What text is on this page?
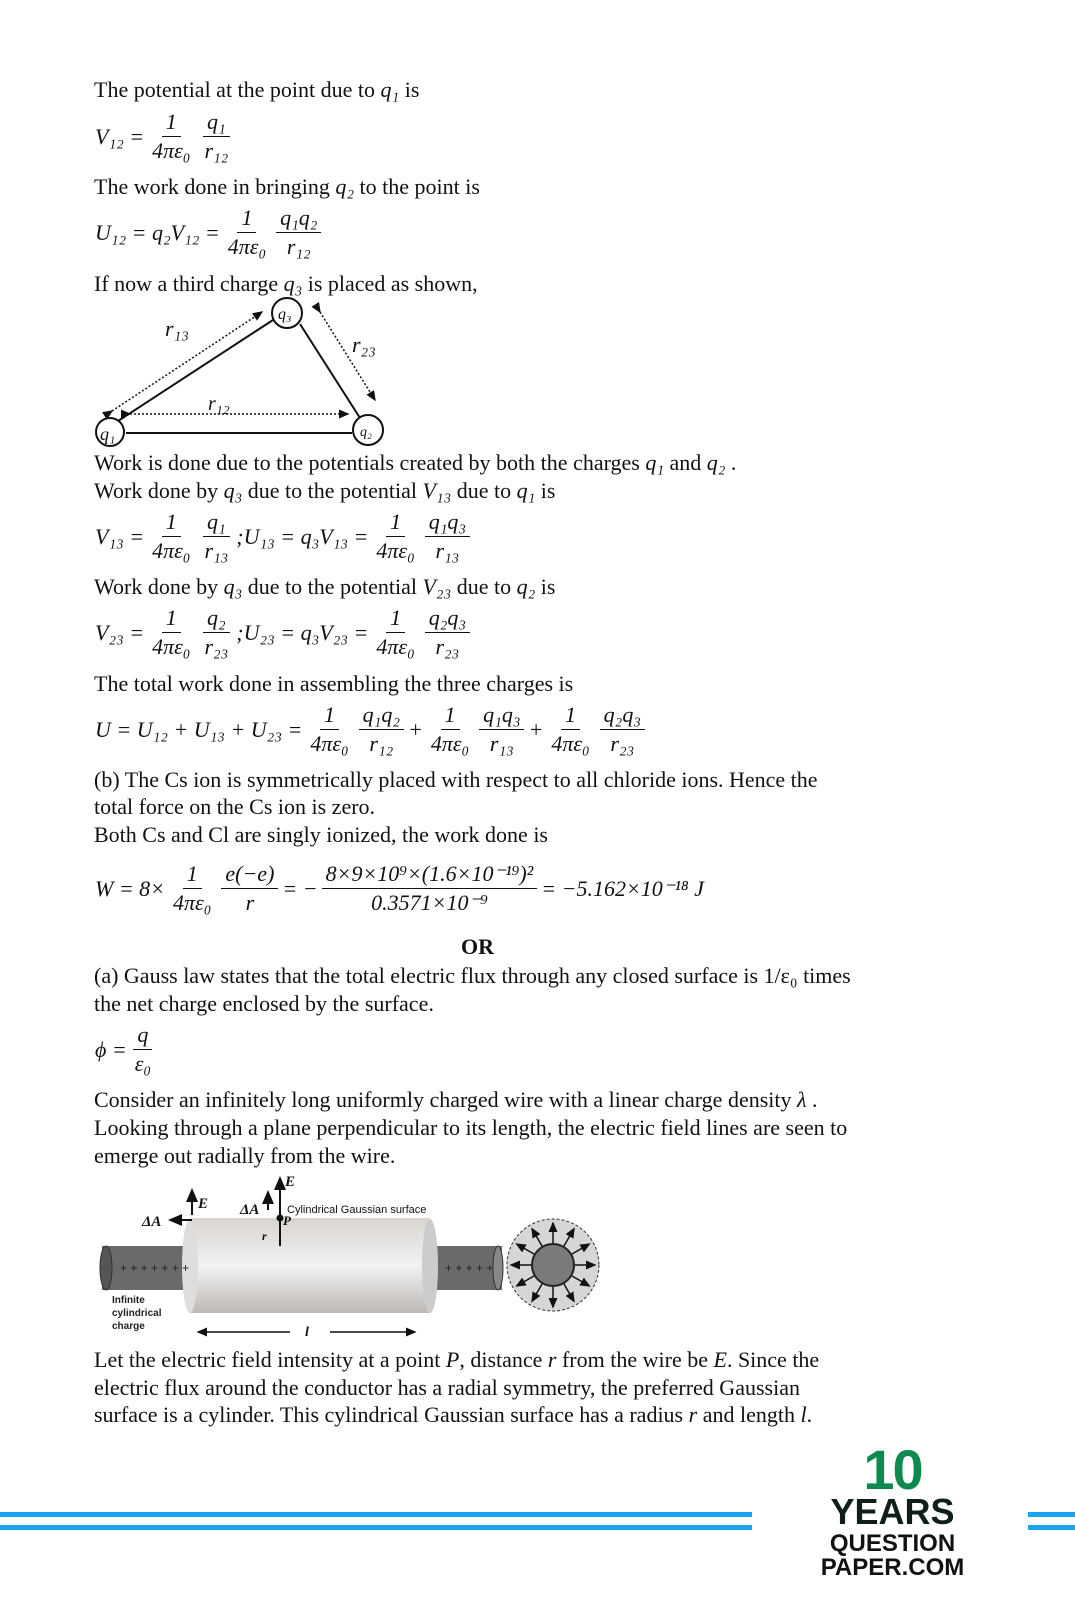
The potential at the point due to q₁ is
$V_{12} = \frac{1}{\text{4πε₀}} \frac{\text{q₁}}{\text{r₁₂}}$
The work done in bringing q₂ to the point is
$U_{12} = q_2V_{12} = \frac{1}{\text{4πε₀}} \frac{\text{q₁q₂}}{\text{r₁₂}}$
If now a third charge q₃ is placed as shown,
q₁	q₂
q₃
r₁₃
r₂₃
r₁₂
Work is done due to the potentials created by both the charges q₁ and q₂ .
Work done by q₃ due to the potential V₁₃ due to q₁ is
$V_{13} = \frac{1}{\text{4πε₀}} \frac{\text{q₁}}{\text{r₁₃}}$ ;U₁₃ = $q_3V_{13} = \frac{1}{\text{4πε₀}} \frac{\text{q₁q₃}}{\text{r₁₃}}$
Work done by q₃ due to the potential V₂₃ due to q₂ is
$V_{23} = \frac{1}{\text{4πε₀}} \frac{\text{q₂}}{\text{r₂₃}}$ ;U₂₃ = $q_3V_{23} = \frac{1}{\text{4πε₀}} \frac{\text{q₂q₃}}{\text{r₂₃}}$
The total work done in assembling the three charges is
$U = U_{12} + U_{13} + U_{23} = \frac{1}{\text{4πε₀}} \frac{\text{q₁q₂}}{\text{r₁₂}} + \frac{1}{\text{4πε₀}} \frac{\text{q₁q₃}}{\text{r₁₃}} + \frac{1}{\text{4πε₀}} \frac{\text{q₂q₃}}{\text{r₂₃}}$
(b) The Cs ion is symmetrically placed with respect to all chloride ions. Hence the
total force on the Cs ion is zero.
Both Cs and Cl are singly ionized, the work done is
$W = 8\times \frac{1}{\text{4πε₀}} \frac{e(-e)}{r}$ = − $\frac{\text{8×9×10⁹×(1.6×10⁻¹⁹)²}}{\text{0.3571×10⁻⁹}} = -5.162\times 10^{-18}$ J
OR
(a) Gauss law states that the total electric flux through any closed surface is 1/ε₀ times
the net charge enclosed by the surface.
$\phi = \frac{q}{\text{ε₀}}$
Consider an infinitely long uniformly charged wire with a linear charge density λ .
Looking through a plane perpendicular to its length, the electric field lines are seen to
emerge out radially from the wire.
+ + + + + + +	+ + + + +
E
E
ΔA
ΔA
P
r
l
Cylindrical Gaussian surface
Infinite
cylindrical
charge
Let the electric field intensity at a point P, distance r from the wire be E. Since the
electric flux around the conductor has a radial symmetry, the preferred Gaussian
surface is a cylinder. This cylindrical Gaussian surface has a radius r and length l.
10
YEARS
QUESTION PAPER.COM
